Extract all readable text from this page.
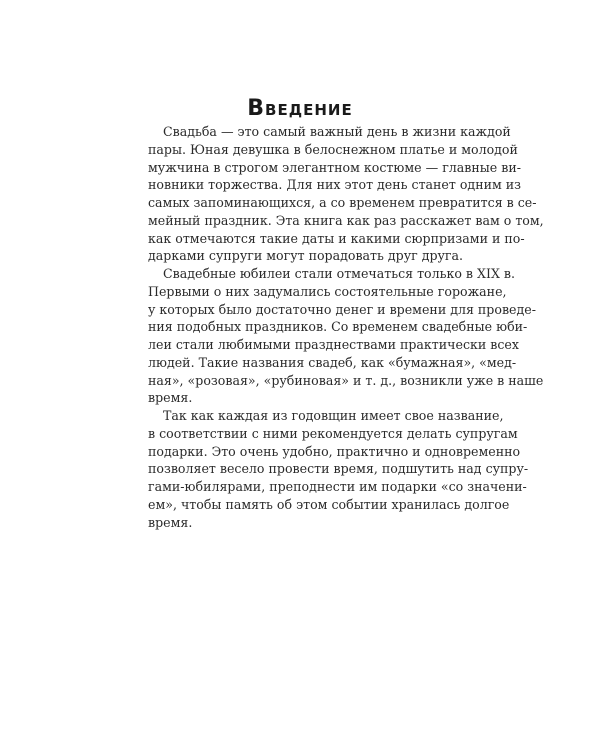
Введение
Свадьба — это самый важный день в жизни каждой
пары. Юная девушка в белоснежном платье и молодой
мужчина в строгом элегантном костюме — главные ви-
новники торжества. Для них этот день станет одним из
самых запоминающихся, а со временем превратится в се-
мейный праздник. Эта книга как раз расскажет вам о том,
как отмечаются такие даты и какими сюрпризами и по-
дарками супруги могут порадовать друг друга.
Свадебные юбилеи стали отмечаться только в XIX в.
Первыми о них задумались состоятельные горожане,
у которых было достаточно денег и времени для проведе-
ния подобных праздников. Со временем свадебные юби-
леи стали любимыми празднествами практически всех
людей. Такие названия свадеб, как «бумажная», «мед-
ная», «розовая», «рубиновая» и т. д., возникли уже в наше
время.
Так как каждая из годовщин имеет свое название,
в соответствии с ними рекомендуется делать супругам
подарки. Это очень удобно, практично и одновременно
позволяет весело провести время, подшутить над супру-
гами-юбилярами, преподнести им подарки «со значени-
ем», чтобы память об этом событии хранилась долгое
время.
